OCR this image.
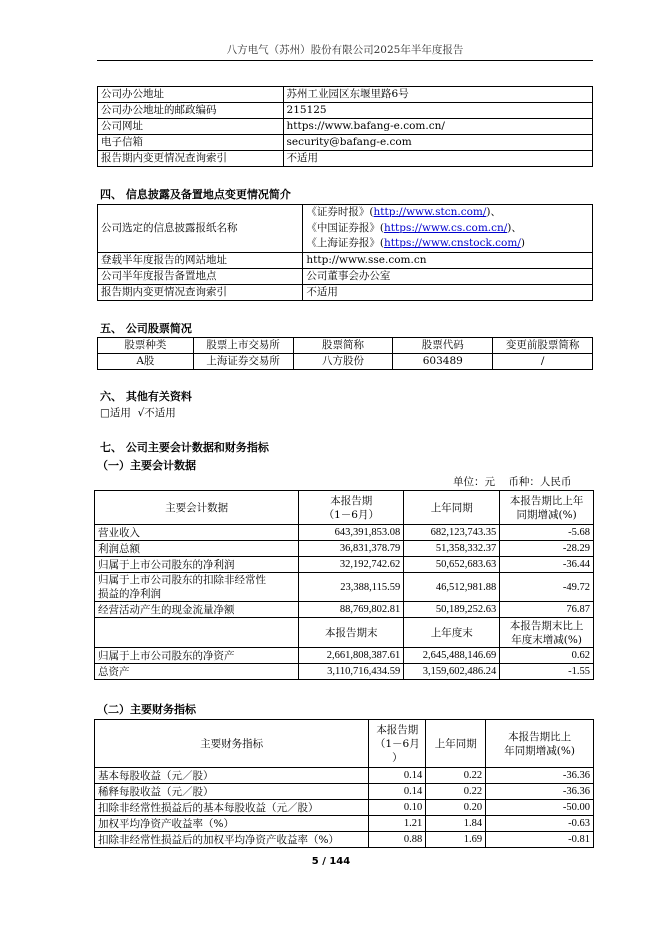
八方电气（苏州）股份有限公司2025年半年度报告
公司办公地址	苏州工业园区东堰里路6号
公司办公地址的邮政编码	215125
公司网址	https://www.bafang-e.com.cn/
电子信箱	security@bafang-e.com
报告期内变更情况查询索引	不适用
四、 信息披露及备置地点变更情况简介
公司选定的信息披露报纸名称	《证券时报》(http://www.stcn.com/)、
《中国证券报》(https://www.cs.com.cn/)、
《上海证券报》(https://www.cnstock.com/)

登载半年度报告的网站地址	http://www.sse.com.cn
公司半年度报告备置地点	公司董事会办公室
报告期内变更情况查询索引	不适用
五、 公司股票简况
股票种类	股票上市交易所	股票简称	股票代码	变更前股票简称
A股	上海证券交易所	八方股份	603489	/
六、 其他有关资料
□适用  √不适用
七、 公司主要会计数据和财务指标
（一）主要会计数据
单位：元    币种：人民币
主要会计数据	本报告期
（1－6月）	上年同期	本报告期比上年
同期增减(%)
营业收入	643,391,853.08	682,123,743.35	-5.68
利润总额	36,831,378.79	51,358,332.37	-28.29
归属于上市公司股东的净利润	32,192,742.62	50,652,683.63	-36.44
归属于上市公司股东的扣除非经常性
损益的净利润	23,388,115.59	46,512,981.88	-49.72
经营活动产生的现金流量净额	88,769,802.81	50,189,252.63	76.87
	本报告期末	上年度末	本报告期末比上
年度末增减(%)
归属于上市公司股东的净资产	2,661,808,387.61	2,645,488,146.69	0.62
总资产	3,110,716,434.59	3,159,602,486.24	-1.55
（二）主要财务指标
主要财务指标	本报告期
（1－6月
）	上年同期	本报告期比上
年同期增减(%)
基本每股收益（元／股）	0.14	0.22	-36.36
稀释每股收益（元／股）	0.14	0.22	-36.36
扣除非经常性损益后的基本每股收益（元／股）	0.10	0.20	-50.00
加权平均净资产收益率（%）	1.21	1.84	-0.63
扣除非经常性损益后的加权平均净资产收益率（%）	0.88	1.69	-0.81
5 / 144
